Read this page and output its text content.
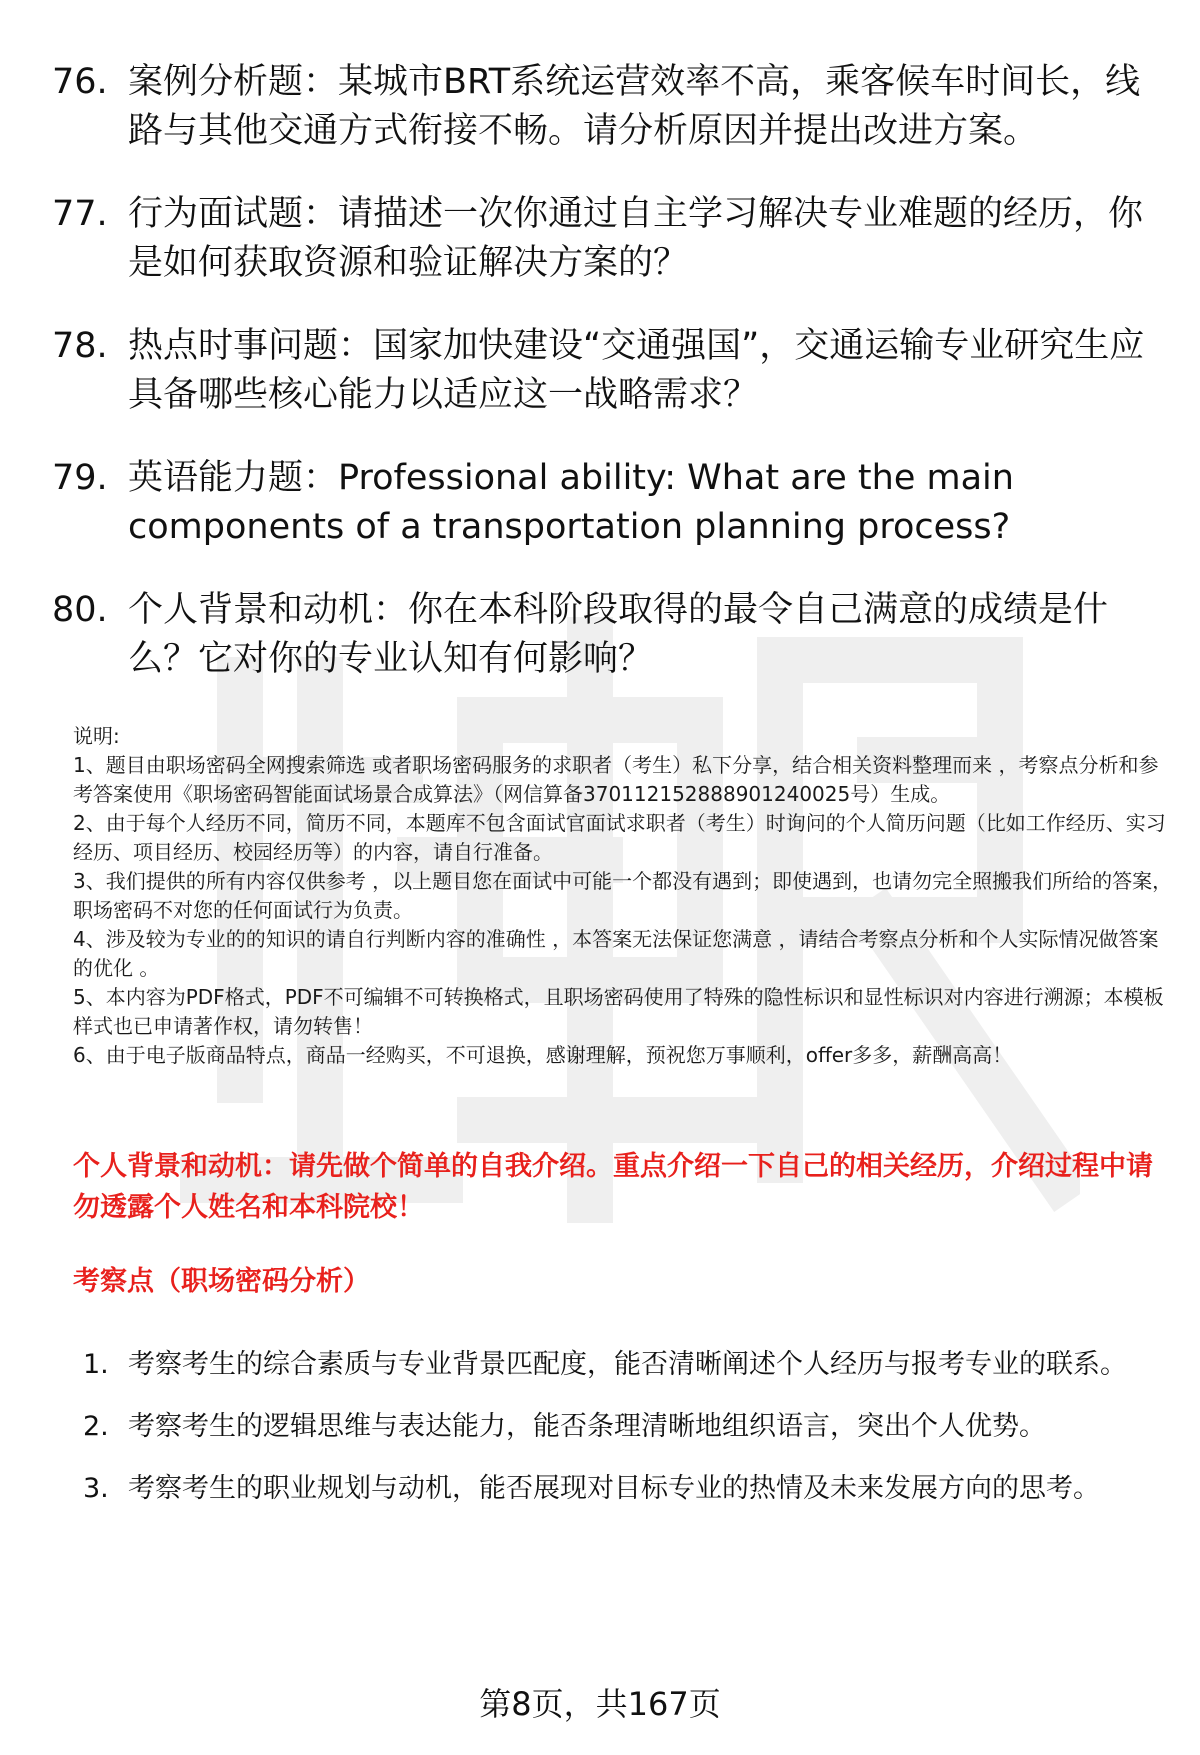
76. 案例分析题：某城市BRT系统运营效率不高，乘客候车时间长，线路与其他交通方式衔接不畅。请分析原因并提出改进方案。
77. 行为面试题：请描述一次你通过自主学习解决专业难题的经历，你是如何获取资源和验证解决方案的？
78. 热点时事问题：国家加快建设“交通强国”，交通运输专业研究生应具备哪些核心能力以适应这一战略需求？
79. 英语能力题：Professional ability: What are the main components of a transportation planning process?
80. 个人背景和动机：你在本科阶段取得的最令自己满意的成绩是什么？它对你的专业认知有何影响？

说明:

1、题目由职场密码全网搜索筛选 或者职场密码服务的求职者（考生）私下分享，结合相关资料整理而来 ，考察点分析和参考答案使用《职场密码智能面试场景合成算法》（网信算备370112152888901240025号）生成。

2、由于每个人经历不同，简历不同，本题库不包含面试官面试求职者（考生）时询问的个人简历问题（比如工作经历、实习经历、项目经历、校园经历等）的内容，请自行准备。

3、我们提供的所有内容仅供参考 ，以上题目您在面试中可能一个都没有遇到；即使遇到，也请勿完全照搬我们所给的答案，职场密码不对您的任何面试行为负责。

4、涉及较为专业的的知识的请自行判断内容的准确性 ，本答案无法保证您满意 ，请结合考察点分析和个人实际情况做答案的优化 。

5、本内容为PDF格式，PDF不可编辑不可转换格式，且职场密码使用了特殊的隐性标识和显性标识对内容进行溯源；本模板样式也已申请著作权，请勿转售！

6、由于电子版商品特点，商品一经购买，不可退换，感谢理解，预祝您万事顺利，offer多多，薪酬高高！

个人背景和动机：请先做个简单的自我介绍。重点介绍一下自己的相关经历，介绍过程中请勿透露个人姓名和本科院校！
考察点（职场密码分析）
1. 考察考生的综合素质与专业背景匹配度，能否清晰阐述个人经历与报考专业的联系。
2. 考察考生的逻辑思维与表达能力，能否条理清晰地组织语言，突出个人优势。
3. 考察考生的职业规划与动机，能否展现对目标专业的热情及未来发展方向的思考。
第8页，共167页
